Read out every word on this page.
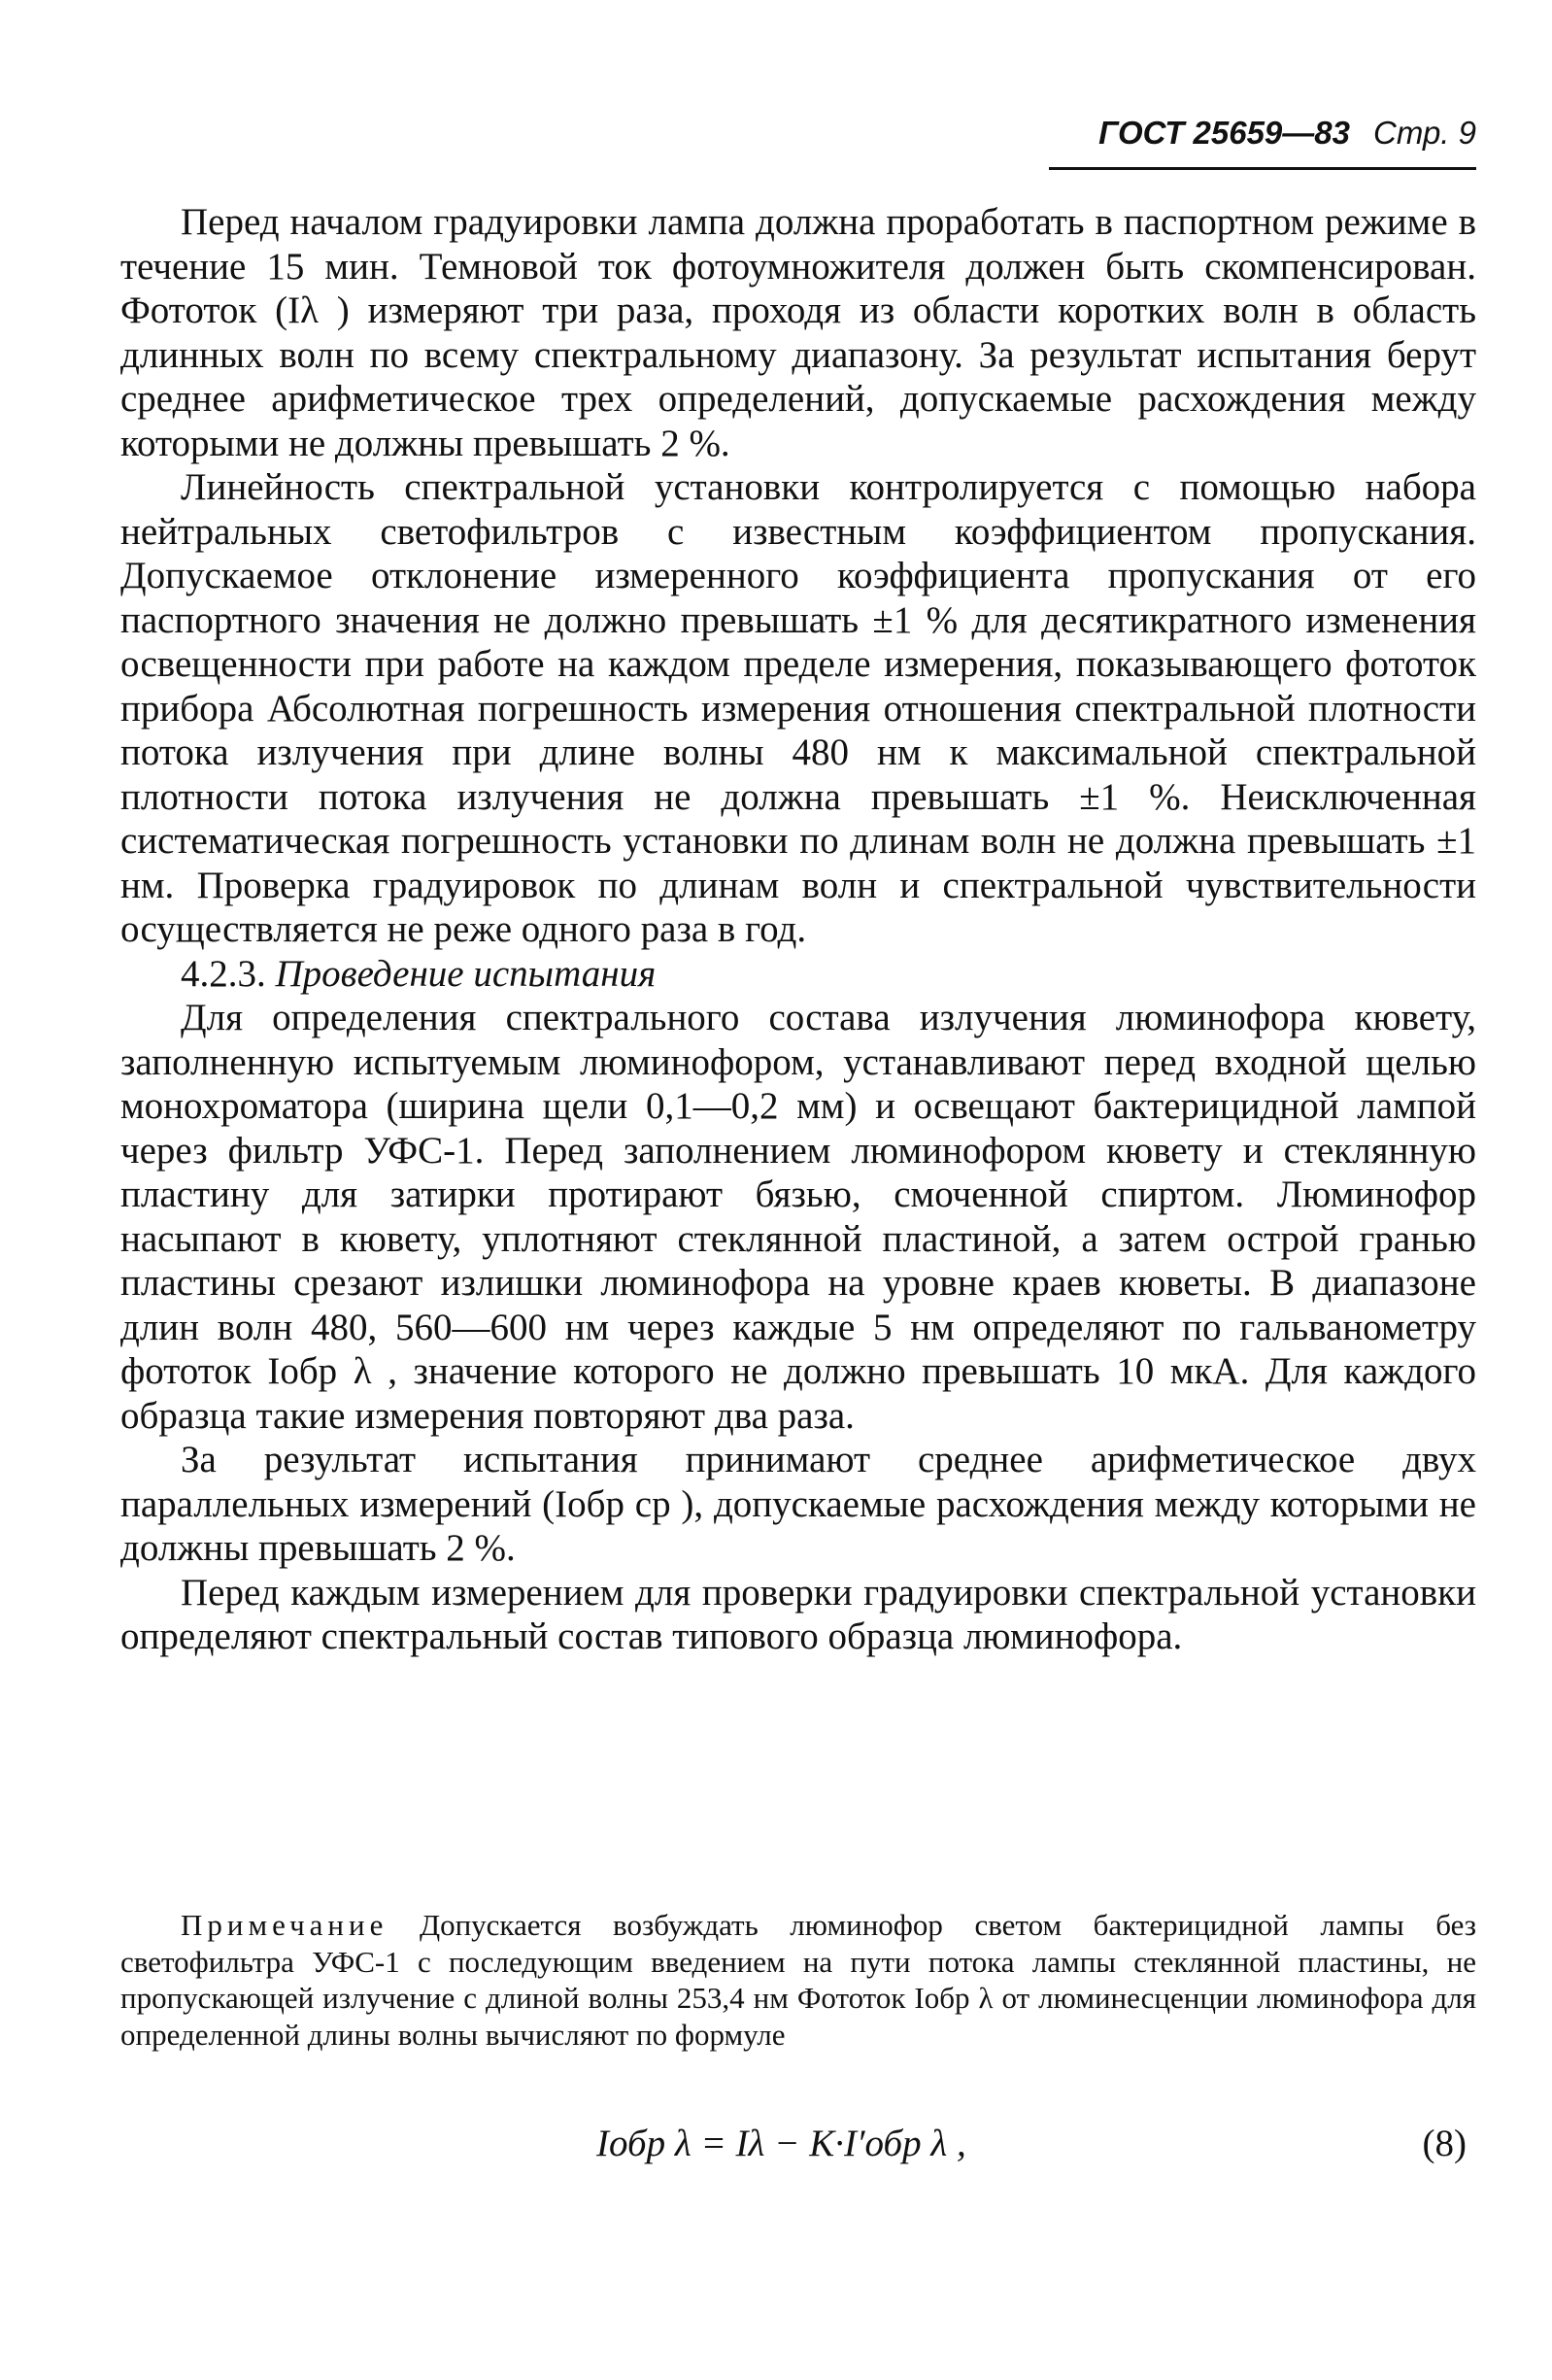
ГОСТ 25659—83 Стр. 9

Перед началом градуировки лампа должна проработать в паспортном режиме в течение 15 мин. Темновой ток фотоумножителя должен быть скомпенсирован. Фототок (Iλ ) измеряют три раза, проходя из области коротких волн в область длинных волн по всему спектральному диапазону. За результат испытания берут среднее арифметическое трех определений, допускаемые расхождения между которыми не должны превышать 2 %.

Линейность спектральной установки контролируется с помощью набора нейтральных светофильтров с известным коэффициентом пропускания. Допускаемое отклонение измеренного коэффициента пропускания от его паспортного значения не должно превышать ±1 % для десятикратного изменения освещенности при работе на каждом пределе измерения, показывающего фототок прибора Абсолютная погрешность измерения отношения спектральной плотности потока излучения при длине волны 480 нм к максимальной спектральной плотности потока излучения не должна превышать ±1 %. Неисключенная систематическая погрешность установки по длинам волн не должна превышать ±1 нм. Проверка градуировок по длинам волн и спектральной чувствительности осуществляется не реже одного раза в год.

4.2.3. Проведение испытания

Для определения спектрального состава излучения люминофора кювету, заполненную испытуемым люминофором, устанавливают перед входной щелью монохроматора (ширина щели 0,1—0,2 мм) и освещают бактерицидной лампой через фильтр УФС-1. Перед заполнением люминофором кювету и стеклянную пластину для затирки протирают бязью, смоченной спиртом. Люминофор насыпают в кювету, уплотняют стеклянной пластиной, а затем острой гранью пластины срезают излишки люминофора на уровне краев кюветы. В диапазоне длин волн 480, 560—600 нм через каждые 5 нм определяют по гальванометру фототок Iобр λ , значение которого не должно превышать 10 мкА. Для каждого образца такие измерения повторяют два раза.

За результат испытания принимают среднее арифметическое двух параллельных измерений (Iобр ср ), допускаемые расхождения между которыми не должны превышать 2 %.

Перед каждым измерением для проверки градуировки спектральной установки определяют спектральный состав типового образца люминофора.

Примечание Допускается возбуждать люминофор светом бактерицидной лампы без светофильтра УФС-1 с последующим введением на пути потока лампы стеклянной пластины, не пропускающей излучение с длиной волны 253,4 нм Фототок Iобр λ от люминесценции люминофора для определенной длины волны вычисляют по формуле

Iобр λ = Iλ − K·I′обр λ ,	(8)
